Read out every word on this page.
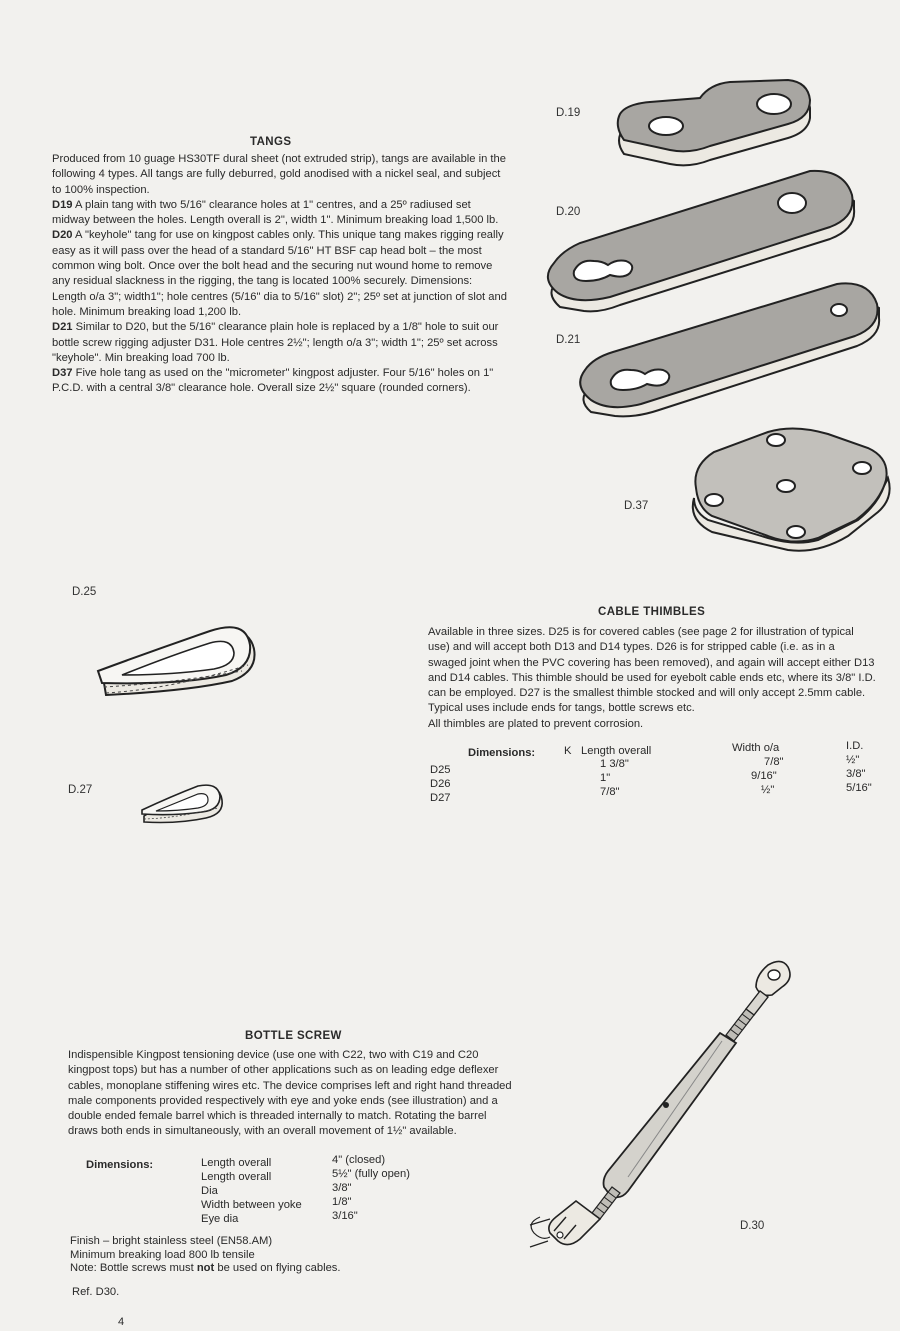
TANGS

Produced from 10 guage HS30TF dural sheet (not extruded strip), tangs are available in the following 4 types. All tangs are fully deburred, gold anodised with a nickel seal, and subject to 100% inspection.

D19 A plain tang with two 5/16" clearance holes at 1" centres, and a 25º radiused set midway between the holes. Length overall is 2", width 1". Minimum breaking load 1,500 lb.

D20 A "keyhole" tang for use on kingpost cables only. This unique tang makes rigging really easy as it will pass over the head of a standard 5/16" HT BSF cap head bolt – the most common wing bolt. Once over the bolt head and the securing nut wound home to remove any residual slackness in the rigging, the tang is located 100% securely. Dimensions: Length o/a 3"; width1"; hole centres (5/16" dia to 5/16" slot) 2"; 25º set at junction of slot and hole. Minimum breaking load 1,200 lb.

D21 Similar to D20, but the 5/16" clearance plain hole is replaced by a 1/8" hole to suit our bottle screw rigging adjuster D31. Hole centres 2½"; length o/a 3"; width 1"; 25º set across "keyhole". Min breaking load 700 lb.

D37 Five hole tang as used on the "micrometer" kingpost adjuster. Four 5/16" holes on 1" P.C.D. with a central 3/8" clearance hole. Overall size 2½" square (rounded corners).

D.19
D.20
D.21
D.37
D.25
CABLE THIMBLES

Available in three sizes. D25 is for covered cables (see page 2 for illustration of typical use) and will accept both D13 and D14 types. D26 is for stripped cable (i.e. as in a swaged joint when the PVC covering has been removed), and again will accept either D13 and D14 cables. This thimble should be used for eyebolt cable ends etc, where its 3/8" I.D. can be employed. D27 is the smallest thimble stocked and will only accept 2.5mm cable.

Typical uses include ends for tangs, bottle screws etc.

All thimbles are plated to prevent corrosion.

Dimensions:	K Length overall	Width o/a	I.D.
D25	1 3/8"	7/8"	½"
D26	1"	9/16"	3/8"
D27	7/8"	½"	5/16"
D.27
BOTTLE SCREW
Indispensible Kingpost tensioning device (use one with C22, two with C19 and C20 kingpost tops) but has a number of other applications such as on leading edge deflexer cables, monoplane stiffening wires etc. The device comprises left and right hand threaded male components provided respectively with eye and yoke ends (see illustration) and a double ended female barrel which is threaded internally to match. Rotating the barrel draws both ends in simultaneously, with an overall movement of 1½" available.
Dimensions:	Length overall	4" (closed)
Length overall	5½" (fully open)
Dia	3/8"
Width between yoke	1/8"
Eye dia	3/16"
Finish – bright stainless steel (EN58.AM)
Minimum breaking load 800 lb tensile
Note: Bottle screws must not be used on flying cables.
Ref. D30.
D.30
4
